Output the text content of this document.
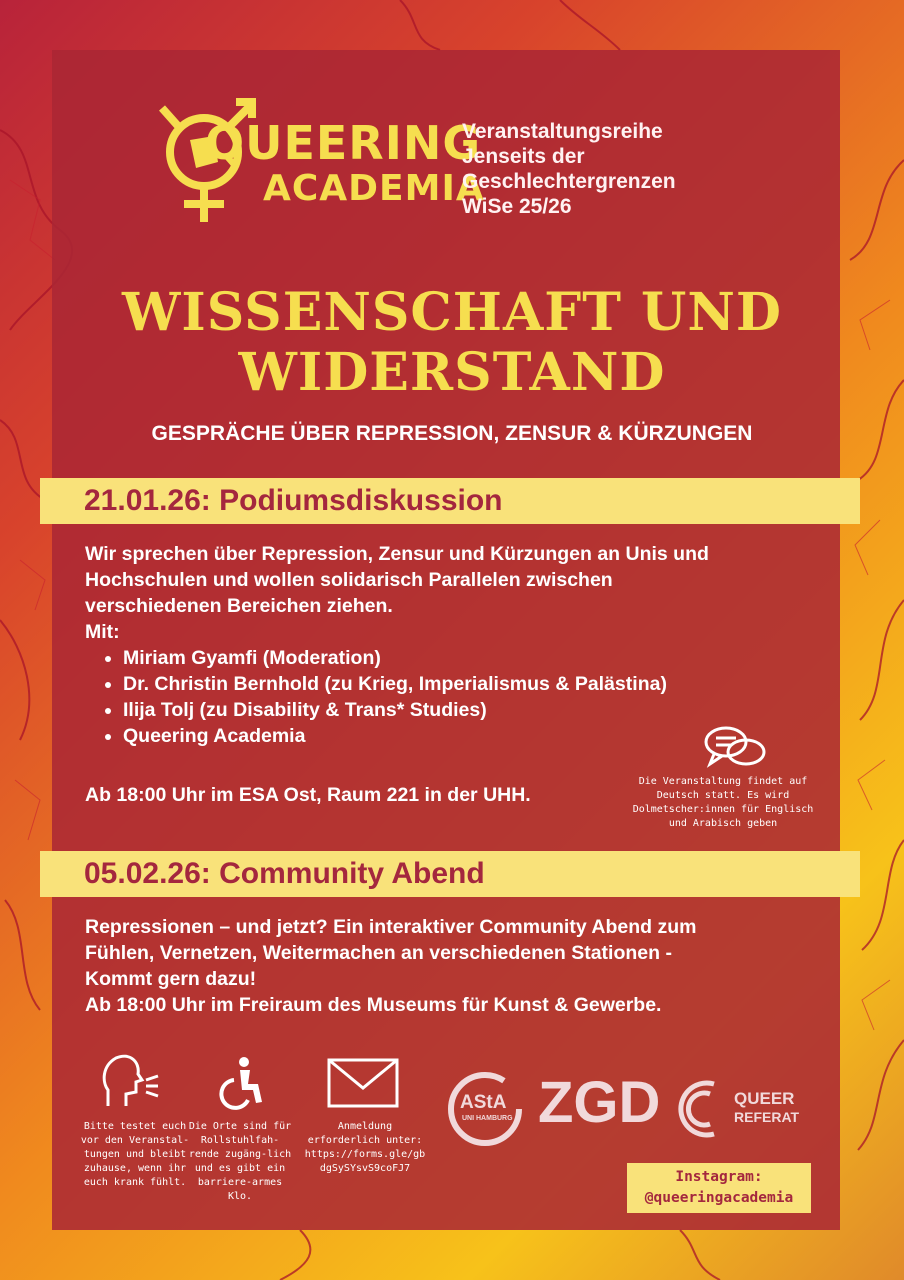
QUEERING
ACADEMIA
Veranstaltungsreihe
Jenseits der
Geschlechtergrenzen
WiSe 25/26
WISSENSCHAFT UND
WIDERSTAND
GESPRÄCHE ÜBER REPRESSION, ZENSUR & KÜRZUNGEN
21.01.26: Podiumsdiskussion

Wir sprechen über Repression, Zensur und Kürzungen an Unis und

Hochschulen und wollen solidarisch Parallelen zwischen

verschiedenen Bereichen ziehen.

Mit:

• Miriam Gyamfi (Moderation)
• Dr. Christin Bernhold (zu Krieg, Imperialismus & Palästina)
• Ilija Tolj (zu Disability & Trans* Studies)
• Queering Academia
Ab 18:00 Uhr im ESA Ost, Raum 221 in der UHH.
Die Veranstaltung findet auf
Deutsch statt. Es wird
Dolmetscher:innen für Englisch
und Arabisch geben
05.02.26: Community Abend

Repressionen – und jetzt? Ein interaktiver Community Abend zum

Fühlen, Vernetzen, Weitermachen an verschiedenen Stationen -

Kommt gern dazu!

Ab 18:00 Uhr im Freiraum des Museums für Kunst & Gewerbe.

Bitte testet euch
vor den Veranstal-
tungen und bleibt
zuhause, wenn ihr
euch krank fühlt.
Die Orte sind für
Rollstuhlfah-
rende zugäng-lich
und es gibt ein
barriere-armes
Klo.
Anmeldung
erforderlich unter:
https://forms.gle/gb
dgSySYsvS9coFJ7
AStA
UNI HAMBURG ZGD	QUEER
REFERAT
Instagram:
@queeringacademia
